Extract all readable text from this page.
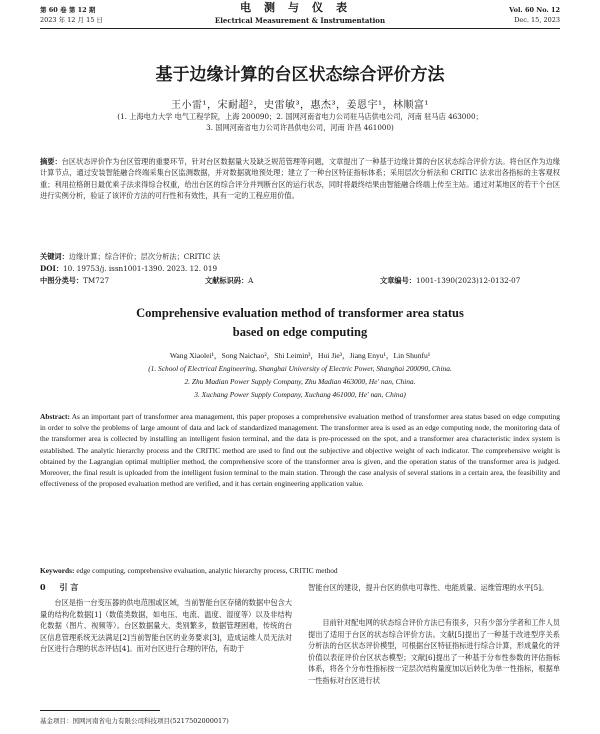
第 60 卷 第 12 期
2023 年 12 月 15 日
电测与仪表
Electrical Measurement & Instrumentation
Vol. 60 No. 12
Dec. 15, 2023
基于边缘计算的台区状态综合评价方法
王小雷¹，宋耐超²，史雷敏³，惠杰³，姜恩宇¹，林顺富¹
(1. 上海电力大学 电气工程学院，上海 200090；2. 国网河南省电力公司驻马店供电公司，河南 驻马店 463000；
3. 国网河南省电力公司许昌供电公司，河南 许昌 461000)
摘要：台区状态评价作为台区管理的重要环节，针对台区数据量大及缺乏规范管理等问题，文章提出了一种基于边缘计算的台区状态综合评价方法。将台区作为边缘计算节点，通过安装智能融合终端采集台区监测数据，并对数据就地预处理；建立了一种台区特征指标体系；采用层次分析法和 CRITIC 法求出各指标的主客观权重；利用拉格朗日最优乘子法求得综合权重，给出台区的综合评分并判断台区的运行状态，同时将最终结果由智能融合终端上传至主站。通过对某地区的若干个台区进行实例分析，验证了该评价方法的可行性和有效性，具有一定的工程应用价值。
关键词：边缘计算；综合评价；层次分析法；CRITIC 法
DOI：10. 19753/j. issn1001-1390. 2023. 12. 019
中图分类号：TM727	文献标识码：A	文章编号：1001-1390(2023)12-0132-07
Comprehensive evaluation method of transformer area status
based on edge computing
Wang Xiaolei¹，Song Naichao²，Shi Leimin³，Hui Jie³，Jiang Enyu¹，Lin Shunfu¹
(1. School of Electrical Engineering, Shanghai University of Electric Power, Shanghai 200090, China.
2. Zhu Madian Power Supply Company, Zhu Madian 463000, He' nan, China.
3. Xuchang Power Supply Company, Xuchang 461000, He' nan, China)
Abstract: As an important part of transformer area management, this paper proposes a comprehensive evaluation method of transformer area status based on edge computing in order to solve the problems of large amount of data and lack of standardized management. The transformer area is used as an edge computing node, the monitoring data of the transformer area is collected by installing an intelligent fusion terminal, and the data is pre-processed on the spot, and a transformer area characteristic index system is established. The analytic hierarchy process and the CRITIC method are used to find out the subjective and objective weight of each indicator. The comprehensive weight is obtained by the Lagrangian optimal multiplier method, the comprehensive score of the transformer area is given, and the operation status of the transformer area is judged. Moreover, the final result is uploaded from the intelligent fusion terminal to the main station. Through the case analysis of several stations in a certain area, the feasibility and effectiveness of the proposed evaluation method are verified, and it has certain engineering application value.
Keywords: edge computing, comprehensive evaluation, analytic hierarchy process, CRITIC method
0 引 言
台区是指一台变压器的供电范围或区域，当前智能台区存储的数据中包含大量的结构化数据[1]（数值类数据，如电压、电流、温度、湿度等）以及非结构化数据（图片、视频等）。台区数据量大、类别繁多，数据管理困难，传统的台区信息管理系统无法满足[2]当前智能台区的业务要求[3]，造成运维人员无法对台区进行合理的状态评估[4]。而对台区进行合理的评估，有助于
基金项目：国网河南省电力有限公司科技项目(5217502000017)
智能台区的建设，提升台区的供电可靠性、电能质量、运维管理的水平[5]。
目前针对配电网的状态综合评价方法已有很多，只有少部分学者和工作人员提出了适用于台区的状态综合评价方法。文献[5]提出了一种基于改进型序关系分析法的台区状态评价模型，可根据台区特征指标进行综合计算，形成量化的评价值以表征评价台区状态模型；文献[6]提出了一种基于分布性参数的评估指标体系，将各个分布性指标按一定层次结构量度加以后转化为单一性指标，根据单一性指标对台区进行状
